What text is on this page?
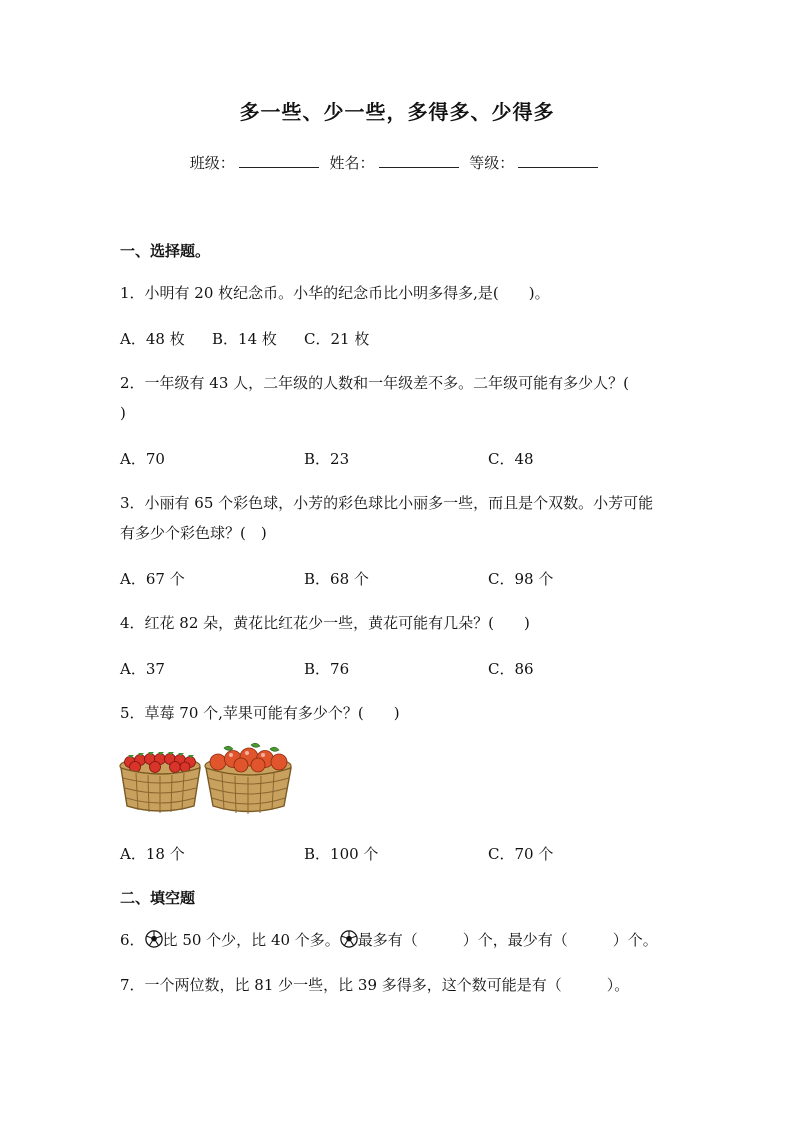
多一些、少一些，多得多、少得多
班级：	姓名：	等级：
一、选择题。
1．小明有 20 枚纪念币。小华的纪念币比小明多得多,是(　　)。
A．48 枚 B．14 枚 C．21 枚
2．一年级有 43 人，二年级的人数和一年级差不多。二年级可能有多少人？(
)
A．70	B．23	C．48
3．小丽有 65 个彩色球，小芳的彩色球比小丽多一些，而且是个双数。小芳可能
有多少个彩色球？(　)
A．67 个	B．68 个	C．98 个
4．红花 82 朵，黄花比红花少一些，黄花可能有几朵？(　　)
A．37	B．76	C．86
5．草莓 70 个,苹果可能有多少个？(　　)
A．18 个	B．100 个	C．70 个
二、填空题
6． 比 50 个少，比 40 个多。 最多有（　　　）个，最少有（　　　）个。
7．一个两位数，比 81 少一些，比 39 多得多，这个数可能是有（　　　）。
